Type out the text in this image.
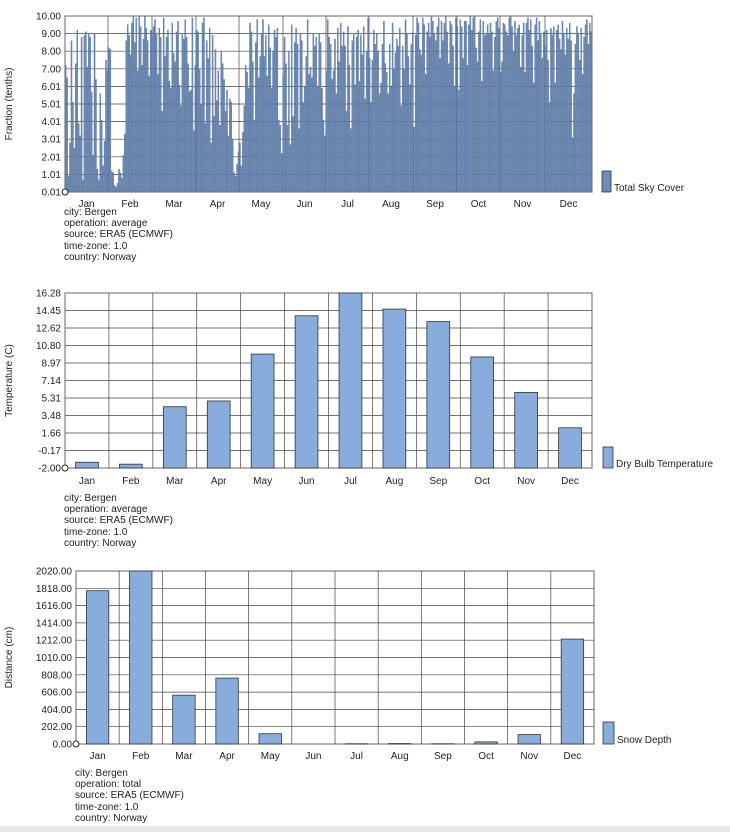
0.01
1.01
2.01
3.01
4.01
5.01
6.01
7.00
8.00
9.00
10.00
Jan	Feb	Mar	Apr	May	Jun	Jul	Aug	Sep	Oct	Nov	Dec
Fraction (tenths)
Total Sky Cover
-2.00
-0.17
1.66
3.48
5.31
7.14
8.97
10.80
12.62
14.45
16.28
Jan	Feb	Mar	Apr	May	Jun	Jul	Aug	Sep	Oct	Nov	Dec
Temperature (C)
Dry Bulb Temperature
0.00
202.00
404.00
606.00
808.00
1010.00
1212.00
1414.00
1616.00
1818.00
2020.00
Jan	Feb	Mar	Apr	May	Jun	Jul	Aug	Sep	Oct	Nov	Dec
Distance (cm)
Snow Depth
city: Bergen
operation: average
source: ERA5 (ECMWF)
time-zone: 1.0
country: Norway
city: Bergen
operation: average
source: ERA5 (ECMWF)
time-zone: 1.0
country: Norway
city: Bergen
operation: total
source: ERA5 (ECMWF)
time-zone: 1.0
country: Norway
